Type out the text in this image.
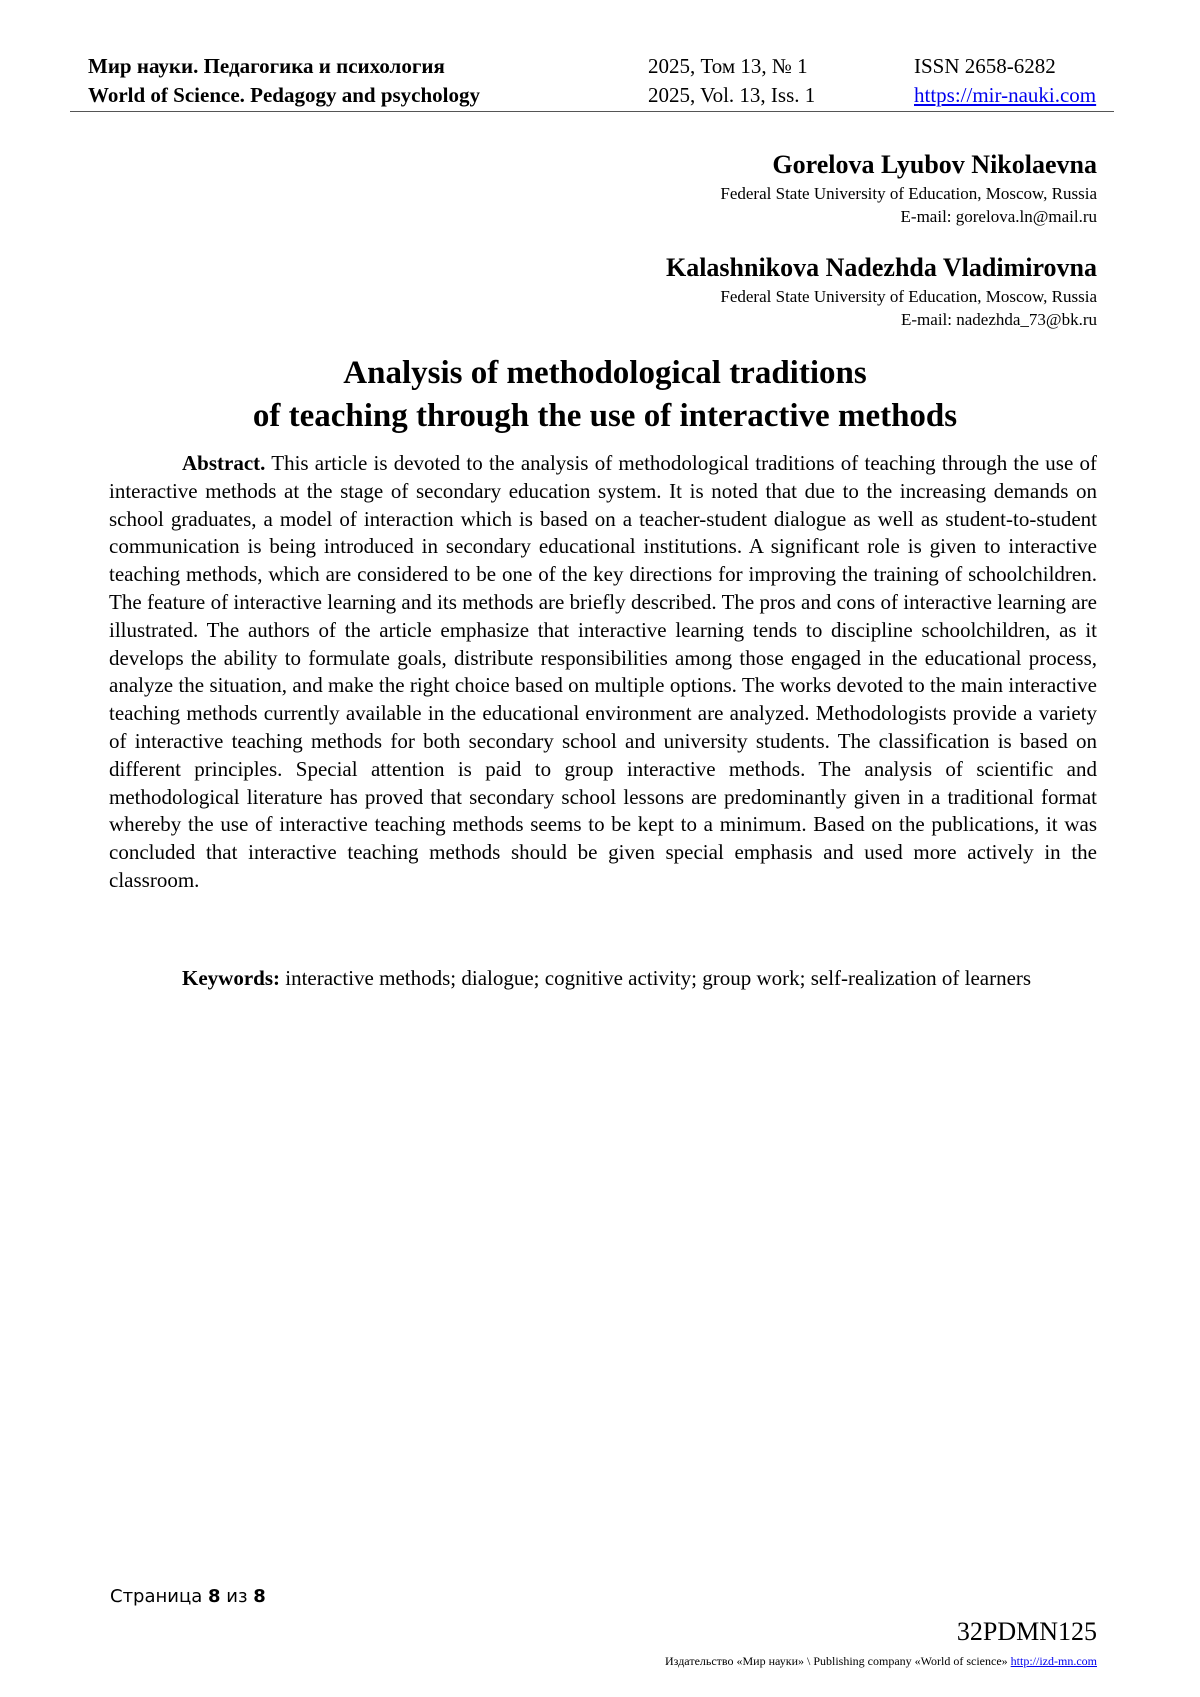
Мир науки. Педагогика и психология
World of Science. Pedagogy and psychology
2025, Том 13, № 1
2025, Vol. 13, Iss. 1
ISSN 2658-6282
https://mir-nauki.com
Gorelova Lyubov Nikolaevna
Federal State University of Education, Moscow, Russia
E-mail: gorelova.ln@mail.ru
Kalashnikova Nadezhda Vladimirovna
Federal State University of Education, Moscow, Russia
E-mail: nadezhda_73@bk.ru
Analysis of methodological traditions
of teaching through the use of interactive methods

Abstract. This article is devoted to the analysis of methodological traditions of teaching through the use of interactive methods at the stage of secondary education system. It is noted that due to the increasing demands on school graduates, a model of interaction which is based on a teacher-student dialogue as well as student-to-student communication is being introduced in secondary educational institutions. A significant role is given to interactive teaching methods, which are considered to be one of the key directions for improving the training of schoolchildren. The feature of interactive learning and its methods are briefly described. The pros and cons of interactive learning are illustrated. The authors of the article emphasize that interactive learning tends to discipline schoolchildren, as it develops the ability to formulate goals, distribute responsibilities among those engaged in the educational process, analyze the situation, and make the right choice based on multiple options. The works devoted to the main interactive teaching methods currently available in the educational environment are analyzed. Methodologists provide a variety of interactive teaching methods for both secondary school and university students. The classification is based on different principles. Special attention is paid to group interactive methods. The analysis of scientific and methodological literature has proved that secondary school lessons are predominantly given in a traditional format whereby the use of interactive teaching methods seems to be kept to a minimum. Based on the publications, it was concluded that interactive teaching methods should be given special emphasis and used more actively in the classroom.

Keywords: interactive methods; dialogue; cognitive activity; group work; self-realization of learners

Страница 8 из 8
32PDMN125
Издательство «Мир науки» \ Publishing company «World of science» http://izd-mn.com
